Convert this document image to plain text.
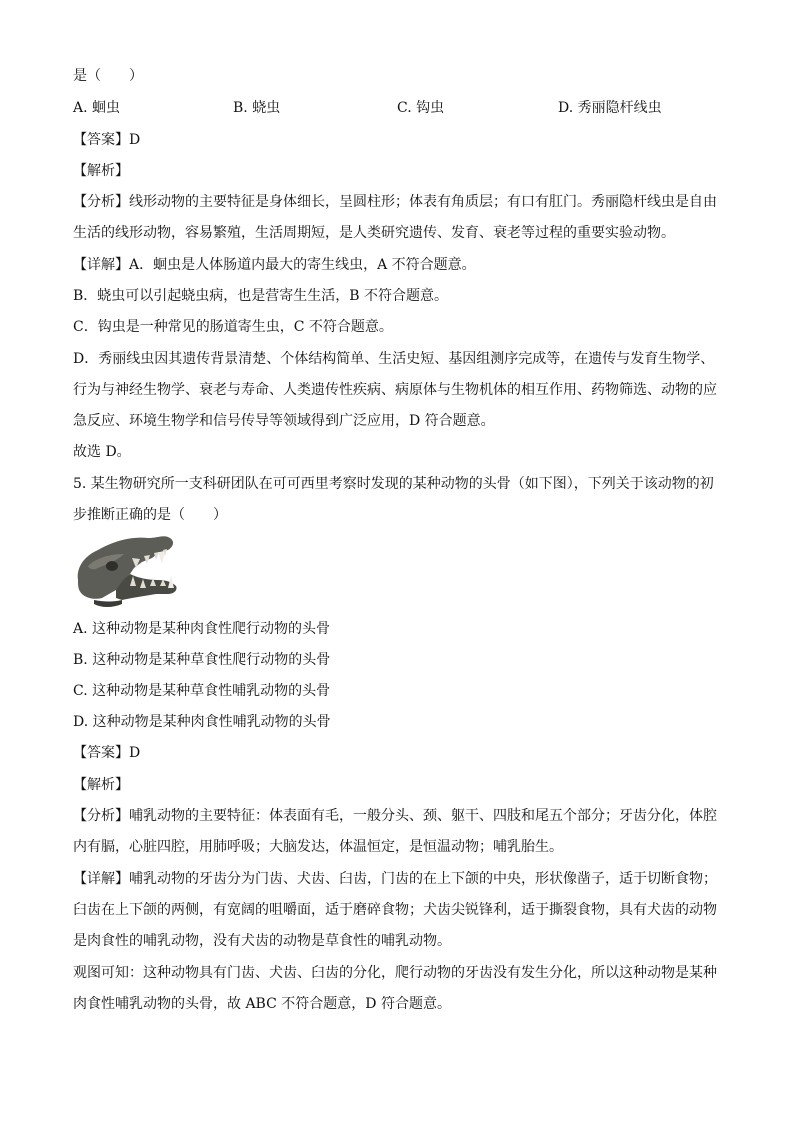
是（　　）
A. 蛔虫	B. 蛲虫	C. 钩虫	D. 秀丽隐杆线虫
【答案】D
【解析】
【分析】线形动物的主要特征是身体细长，呈圆柱形；体表有角质层；有口有肛门。秀丽隐杆线虫是自由
生活的线形动物，容易繁殖，生活周期短，是人类研究遗传、发育、衰老等过程的重要实验动物。
【详解】A．蛔虫是人体肠道内最大的寄生线虫，A 不符合题意。
B．蛲虫可以引起蛲虫病，也是营寄生生活，B 不符合题意。
C．钩虫是一种常见的肠道寄生虫，C 不符合题意。
D．秀丽线虫因其遗传背景清楚、个体结构简单、生活史短、基因组测序完成等，在遗传与发育生物学、
行为与神经生物学、衰老与寿命、人类遗传性疾病、病原体与生物机体的相互作用、药物筛选、动物的应
急反应、环境生物学和信号传导等领域得到广泛应用，D 符合题意。
故选 D。
5. 某生物研究所一支科研团队在可可西里考察时发现的某种动物的头骨（如下图），下列关于该动物的初
步推断正确的是（　　）
A. 这种动物是某种肉食性爬行动物的头骨
B. 这种动物是某种草食性爬行动物的头骨
C. 这种动物是某种草食性哺乳动物的头骨
D. 这种动物是某种肉食性哺乳动物的头骨
【答案】D
【解析】
【分析】哺乳动物的主要特征：体表面有毛，一般分头、颈、躯干、四肢和尾五个部分；牙齿分化，体腔
内有膈，心脏四腔，用肺呼吸；大脑发达，体温恒定，是恒温动物；哺乳胎生。
【详解】哺乳动物的牙齿分为门齿、犬齿、臼齿，门齿的在上下颌的中央，形状像凿子，适于切断食物；
臼齿在上下颌的两侧，有宽阔的咀嚼面，适于磨碎食物；犬齿尖锐锋利，适于撕裂食物，具有犬齿的动物
是肉食性的哺乳动物，没有犬齿的动物是草食性的哺乳动物。
观图可知：这种动物具有门齿、犬齿、臼齿的分化，爬行动物的牙齿没有发生分化，所以这种动物是某种
肉食性哺乳动物的头骨，故 ABC 不符合题意，D 符合题意。
